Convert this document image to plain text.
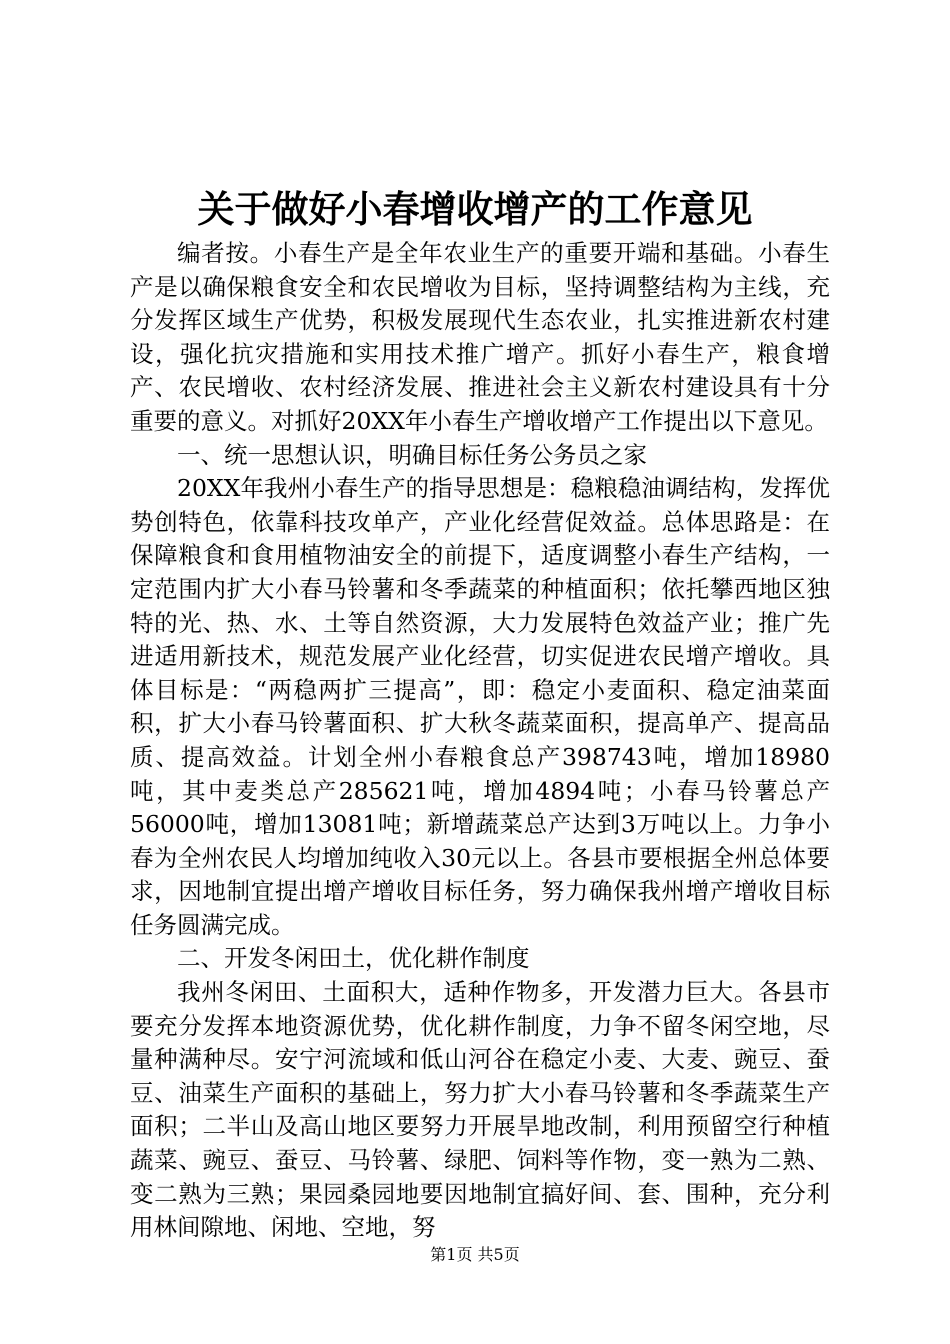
关于做好小春增收增产的工作意见

编者按。小春生产是全年农业生产的重要开端和基础。小春生产是以确保粮食安全和农民增收为目标，坚持调整结构为主线，充分发挥区域生产优势，积极发展现代生态农业，扎实推进新农村建设，强化抗灾措施和实用技术推广增产。抓好小春生产，粮食增产、农民增收、农村经济发展、推进社会主义新农村建设具有十分重要的意义。对抓好20XX年小春生产增收增产工作提出以下意见。

一、统一思想认识，明确目标任务公务员之家

20XX年我州小春生产的指导思想是：稳粮稳油调结构，发挥优势创特色，依靠科技攻单产，产业化经营促效益。总体思路是：在保障粮食和食用植物油安全的前提下，适度调整小春生产结构，一定范围内扩大小春马铃薯和冬季蔬菜的种植面积；依托攀西地区独特的光、热、水、土等自然资源，大力发展特色效益产业；推广先进适用新技术，规范发展产业化经营，切实促进农民增产增收。具体目标是：“两稳两扩三提高”，即：稳定小麦面积、稳定油菜面积，扩大小春马铃薯面积、扩大秋冬蔬菜面积，提高单产、提高品质、提高效益。计划全州小春粮食总产398743吨，增加18980吨，其中麦类总产285621吨，增加4894吨；小春马铃薯总产56000吨，增加13081吨；新增蔬菜总产达到3万吨以上。力争小春为全州农民人均增加纯收入30元以上。各县市要根据全州总体要求，因地制宜提出增产增收目标任务，努力确保我州增产增收目标任务圆满完成。

二、开发冬闲田土，优化耕作制度

我州冬闲田、土面积大，适种作物多，开发潜力巨大。各县市要充分发挥本地资源优势，优化耕作制度，力争不留冬闲空地，尽量种满种尽。安宁河流域和低山河谷在稳定小麦、大麦、豌豆、蚕豆、油菜生产面积的基础上，努力扩大小春马铃薯和冬季蔬菜生产面积；二半山及高山地区要努力开展旱地改制，利用预留空行种植蔬菜、豌豆、蚕豆、马铃薯、绿肥、饲料等作物，变一熟为二熟、变二熟为三熟；果园桑园地要因地制宜搞好间、套、围种，充分利用林间隙地、闲地、空地，努

第1页 共5页
